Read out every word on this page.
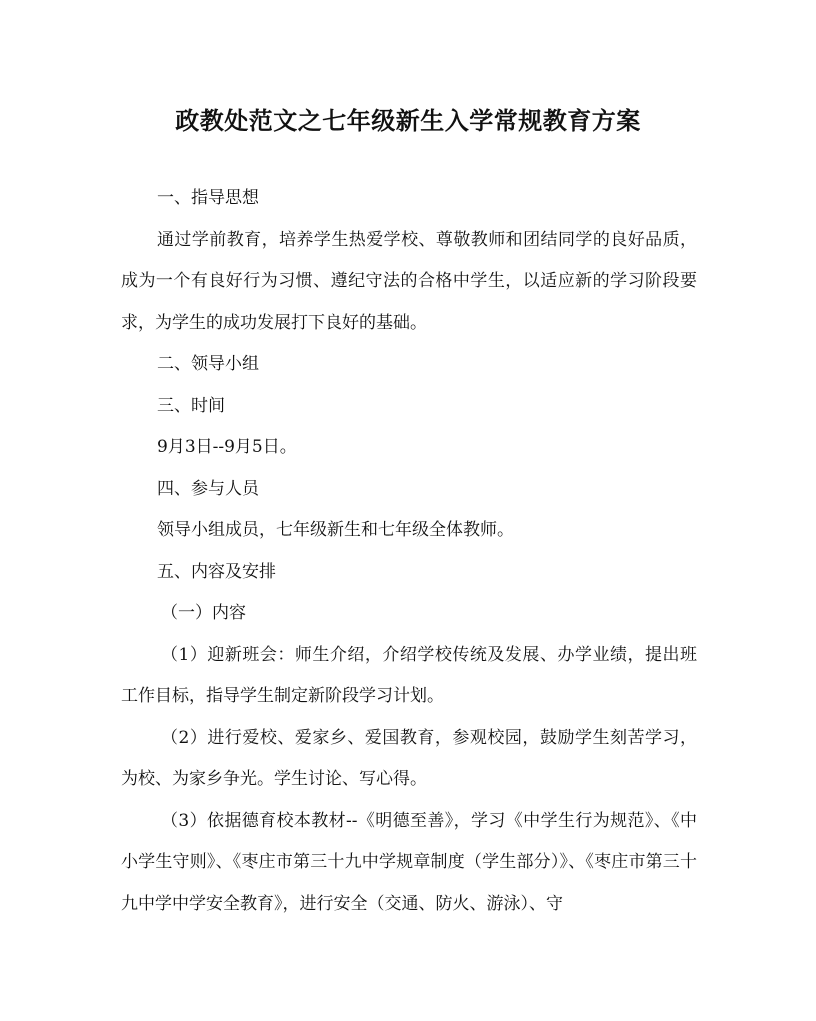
政教处范文之七年级新生入学常规教育方案

一、指导思想

通过学前教育，培养学生热爱学校、尊敬教师和团结同学的良好品质，成为一个有良好行为习惯、遵纪守法的合格中学生，以适应新的学习阶段要求，为学生的成功发展打下良好的基础。

二、领导小组

三、时间

9月3日--9月5日。

四、参与人员

领导小组成员，七年级新生和七年级全体教师。

五、内容及安排

（一）内容

（1）迎新班会：师生介绍，介绍学校传统及发展、办学业绩，提出班工作目标，指导学生制定新阶段学习计划。

（2）进行爱校、爱家乡、爱国教育，参观校园，鼓励学生刻苦学习，为校、为家乡争光。学生讨论、写心得。

（3）依据德育校本教材--《明德至善》，学习《中学生行为规范》、《中小学生守则》、《枣庄市第三十九中学规章制度（学生部分）》、《枣庄市第三十九中学中学安全教育》，进行安全（交通、防火、游泳）、守
